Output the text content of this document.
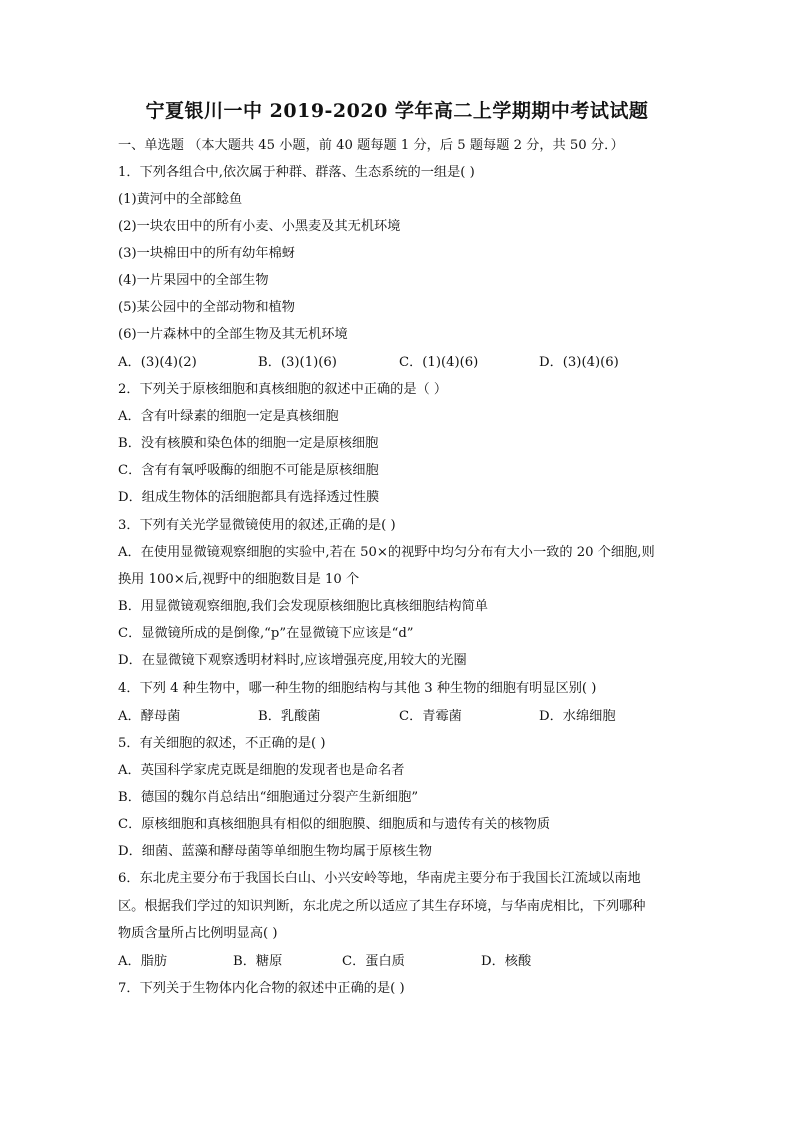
宁夏银川一中 2019-2020 学年高二上学期期中考试试题
一、单选题 （本大题共 45 小题，前 40 题每题 1 分，后 5 题每题 2 分，共 50 分．）
1．下列各组合中,依次属于种群、群落、生态系统的一组是( )
(1)黄河中的全部鲶鱼
(2)一块农田中的所有小麦、小黑麦及其无机环境
(3)一块棉田中的所有幼年棉蚜
(4)一片果园中的全部生物
(5)某公园中的全部动物和植物
(6)一片森林中的全部生物及其无机环境
A．(3)(4)(2)	B．(3)(1)(6)	C．(1)(4)(6)	D．(3)(4)(6)
2．下列关于原核细胞和真核细胞的叙述中正确的是（ ）
A．含有叶绿素的细胞一定是真核细胞
B．没有核膜和染色体的细胞一定是原核细胞
C．含有有氧呼吸酶的细胞不可能是原核细胞
D．组成生物体的活细胞都具有选择透过性膜
3．下列有关光学显微镜使用的叙述,正确的是( )
A．在使用显微镜观察细胞的实验中,若在 50×的视野中均匀分布有大小一致的 20 个细胞,则
换用 100×后,视野中的细胞数目是 10 个
B．用显微镜观察细胞,我们会发现原核细胞比真核细胞结构简单
C．显微镜所成的是倒像,“p”在显微镜下应该是“d”
D．在显微镜下观察透明材料时,应该增强亮度,用较大的光圈
4．下列 4 种生物中，哪一种生物的细胞结构与其他 3 种生物的细胞有明显区别( )
A．酵母菌	B．乳酸菌	C．青霉菌	D．水绵细胞
5．有关细胞的叙述，不正确的是( )
A．英国科学家虎克既是细胞的发现者也是命名者
B．德国的魏尔肖总结出“细胞通过分裂产生新细胞”
C．原核细胞和真核细胞具有相似的细胞膜、细胞质和与遗传有关的核物质
D．细菌、蓝藻和酵母菌等单细胞生物均属于原核生物
6．东北虎主要分布于我国长白山、小兴安岭等地，华南虎主要分布于我国长江流域以南地
区。根据我们学过的知识判断，东北虎之所以适应了其生存环境，与华南虎相比，下列哪种
物质含量所占比例明显高( )
A．脂肪	B．糖原	C．蛋白质	D．核酸
7．下列关于生物体内化合物的叙述中正确的是( )
